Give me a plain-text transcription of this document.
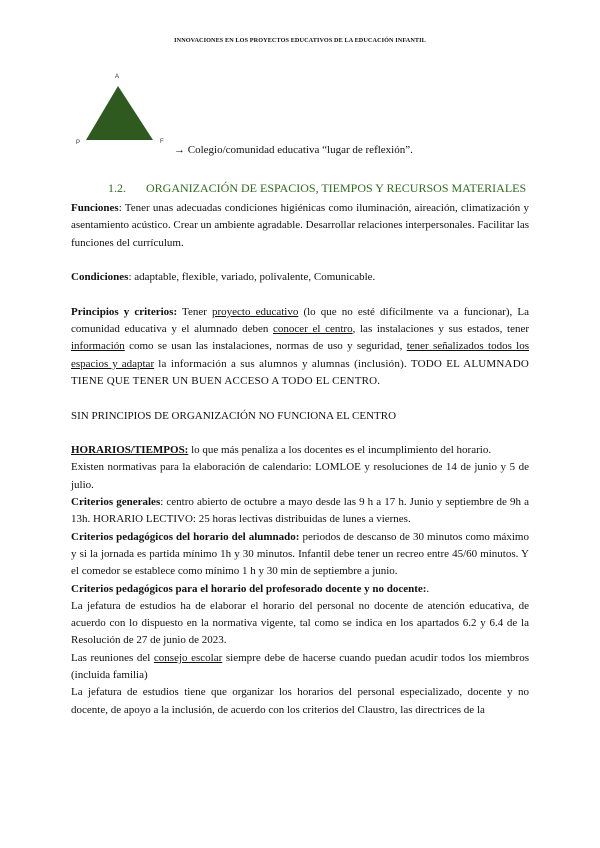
INNOVACIONES EN LOS PROYECTOS EDUCATIVOS DE LA EDUCACIÓN INFANTIL
A
P	F
→ Colegio/comunidad educativa “lugar de reflexión”.
1.2. ORGANIZACIÓN DE ESPACIOS, TIEMPOS Y RECURSOS MATERIALES

Funciones: Tener unas adecuadas condiciones higiénicas como iluminación, aireación, climatización y asentamiento acústico. Crear un ambiente agradable. Desarrollar relaciones interpersonales. Facilitar las funciones del currículum.

Condiciones: adaptable, flexible, variado, polivalente, Comunicable.

Principios y criterios: Tener proyecto educativo (lo que no esté difícilmente va a funcionar), La comunidad educativa y el alumnado deben conocer el centro, las instalaciones y sus estados, tener información como se usan las instalaciones, normas de uso y seguridad, tener señalizados todos los espacios y adaptar la información a sus alumnos y alumnas (inclusión). TODO EL ALUMNADO TIENE QUE TENER UN BUEN ACCESO A TODO EL CENTRO.

SIN PRINCIPIOS DE ORGANIZACIÓN NO FUNCIONA EL CENTRO

HORARIOS/TIEMPOS: lo que más penaliza a los docentes es el incumplimiento del horario.

Existen normativas para la elaboración de calendario: LOMLOE y resoluciones de 14 de junio y 5 de julio.

Criterios generales: centro abierto de octubre a mayo desde las 9 h a 17 h. Junio y septiembre de 9h a 13h. HORARIO LECTIVO: 25 horas lectivas distribuidas de lunes a viernes.

Criterios pedagógicos del horario del alumnado: periodos de descanso de 30 minutos como máximo y si la jornada es partida mínimo 1h y 30 minutos. Infantil debe tener un recreo entre 45/60 minutos. Y el comedor se establece como mínimo 1 h y 30 min de septiembre a junio.

Criterios pedagógicos para el horario del profesorado docente y no docente:.

La jefatura de estudios ha de elaborar el horario del personal no docente de atención educativa, de acuerdo con lo dispuesto en la normativa vigente, tal como se indica en los apartados 6.2 y 6.4 de la Resolución de 27 de junio de 2023.

Las reuniones del consejo escolar siempre debe de hacerse cuando puedan acudir todos los miembros (incluida familia)

La jefatura de estudios tiene que organizar los horarios del personal especializado, docente y no docente, de apoyo a la inclusión, de acuerdo con los criterios del Claustro, las directrices de la
